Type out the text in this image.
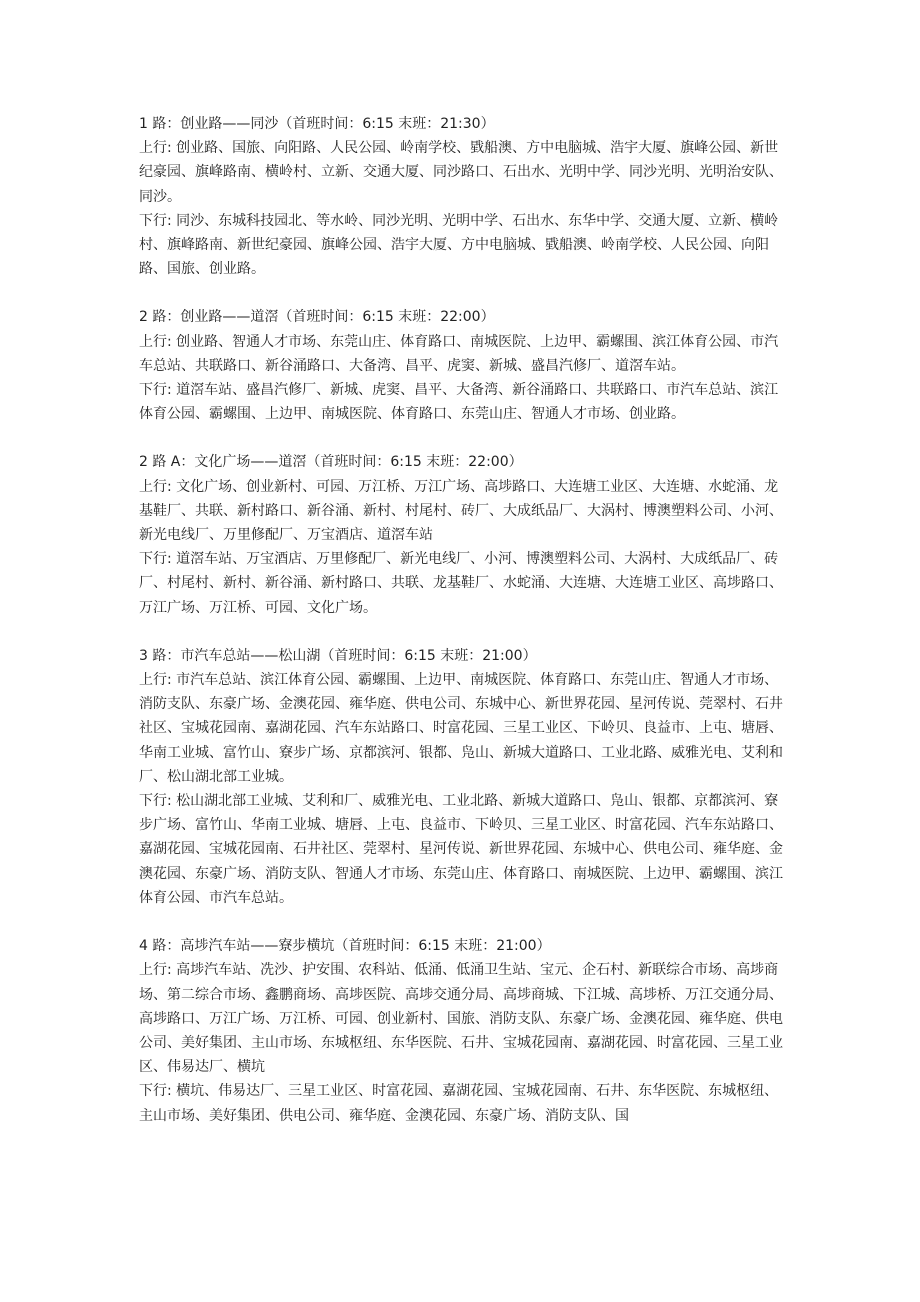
1 路：创业路——同沙（首班时间：6:15 末班：21:30）

上行: 创业路、国旅、向阳路、人民公园、岭南学校、戥船澳、方中电脑城、浩宇大厦、旗峰公园、新世纪豪园、旗峰路南、横岭村、立新、交通大厦、同沙路口、石出水、光明中学、同沙光明、光明治安队、同沙。

下行: 同沙、东城科技园北、等水岭、同沙光明、光明中学、石出水、东华中学、交通大厦、立新、横岭村、旗峰路南、新世纪豪园、旗峰公园、浩宇大厦、方中电脑城、戥船澳、岭南学校、人民公园、向阳路、国旅、创业路。

2 路：创业路——道滘（首班时间：6:15 末班：22:00）

上行: 创业路、智通人才市场、东莞山庄、体育路口、南城医院、上边甲、霸螺围、滨江体育公园、市汽车总站、共联路口、新谷涌路口、大备湾、昌平、虎窦、新城、盛昌汽修厂、道滘车站。

下行: 道滘车站、盛昌汽修厂、新城、虎窦、昌平、大备湾、新谷涌路口、共联路口、市汽车总站、滨江体育公园、霸螺围、上边甲、南城医院、体育路口、东莞山庄、智通人才市场、创业路。

2 路 A：文化广场——道滘（首班时间：6:15 末班：22:00）

上行: 文化广场、创业新村、可园、万江桥、万江广场、高埗路口、大连塘工业区、大连塘、水蛇涌、龙基鞋厂、共联、新村路口、新谷涌、新村、村尾村、砖厂、大成纸品厂、大涡村、博澳塑料公司、小河、新光电线厂、万里修配厂、万宝酒店、道滘车站

下行: 道滘车站、万宝酒店、万里修配厂、新光电线厂、小河、博澳塑料公司、大涡村、大成纸品厂、砖厂、村尾村、新村、新谷涌、新村路口、共联、龙基鞋厂、水蛇涌、大连塘、大连塘工业区、高埗路口、万江广场、万江桥、可园、文化广场。

3 路：市汽车总站——松山湖（首班时间：6:15 末班：21:00）

上行: 市汽车总站、滨江体育公园、霸螺围、上边甲、南城医院、体育路口、东莞山庄、智通人才市场、消防支队、东豪广场、金澳花园、雍华庭、供电公司、东城中心、新世界花园、星河传说、莞翠村、石井社区、宝城花园南、嘉湖花园、汽车东站路口、时富花园、三星工业区、下岭贝、良益市、上屯、塘唇、华南工业城、富竹山、寮步广场、京都滨河、银都、凫山、新城大道路口、工业北路、威雅光电、艾利和厂、松山湖北部工业城。

下行: 松山湖北部工业城、艾利和厂、威雅光电、工业北路、新城大道路口、凫山、银都、京都滨河、寮步广场、富竹山、华南工业城、塘唇、上屯、良益市、下岭贝、三星工业区、时富花园、汽车东站路口、嘉湖花园、宝城花园南、石井社区、莞翠村、星河传说、新世界花园、东城中心、供电公司、雍华庭、金澳花园、东豪广场、消防支队、智通人才市场、东莞山庄、体育路口、南城医院、上边甲、霸螺围、滨江体育公园、市汽车总站。

4 路：高埗汽车站——寮步横坑（首班时间：6:15 末班：21:00）

上行: 高埗汽车站、冼沙、护安围、农科站、低涌、低涌卫生站、宝元、企石村、新联综合市场、高埗商场、第二综合市场、鑫鹏商场、高埗医院、高埗交通分局、高埗商城、下江城、高埗桥、万江交通分局、高埗路口、万江广场、万江桥、可园、创业新村、国旅、消防支队、东豪广场、金澳花园、雍华庭、供电公司、美好集团、主山市场、东城枢纽、东华医院、石井、宝城花园南、嘉湖花园、时富花园、三星工业区、伟易达厂、横坑

下行: 横坑、伟易达厂、三星工业区、时富花园、嘉湖花园、宝城花园南、石井、东华医院、东城枢纽、主山市场、美好集团、供电公司、雍华庭、金澳花园、东豪广场、消防支队、国
